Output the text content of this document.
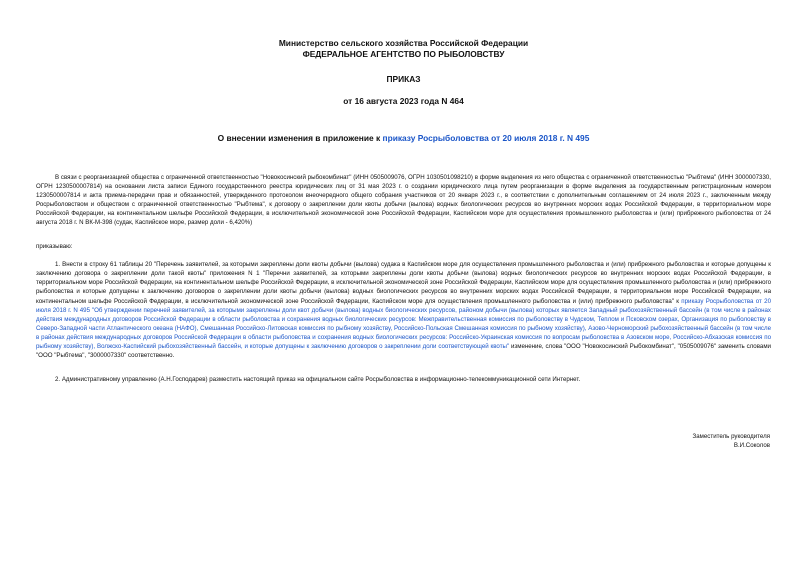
Министерство сельского хозяйства Российской Федерации
ФЕДЕРАЛЬНОЕ АГЕНТСТВО ПО РЫБОЛОВСТВУ
ПРИКАЗ
от 16 августа 2023 года N 464
О внесении изменения в приложение к приказу Росрыболовства от 20 июля 2018 г. N 495

В связи с реорганизацией общества с ограниченной ответственностью "Новокосинский рыбокомбинат" (ИНН 0505009076, ОГРН 1030501098210) в форме выделения из него общества с ограниченной ответственностью "Рыбтема" (ИНН 3000007330, ОГРН 1230500007814) на основании листа записи Единого государственного реестра юридических лиц от 31 мая 2023 г. о создании юридического лица путем реорганизации в форме выделения за государственным регистрационным номером 1230500007814 и акта приема-передачи прав и обязанностей, утвержденного протоколом внеочередного общего собрания участников от 20 января 2023 г., в соответствии с дополнительным соглашением от 24 июля 2023 г., заключенным между Росрыболовством и обществом с ограниченной ответственностью "Рыбтема", к договору о закреплении доли квоты добычи (вылова) водных биологических ресурсов во внутренних морских водах Российской Федерации, в территориальном море Российской Федерации, на континентальном шельфе Российской Федерации, в исключительной экономической зоне Российской Федерации, Каспийском море для осуществления промышленного рыболовства и (или) прибрежного рыболовства от 24 августа 2018 г. N ВК-М-398 (судак, Каспийское море, размер доли - 6,420%)

приказываю:

1. Внести в строку 61 таблицы 20 "Перечень заявителей, за которыми закреплены доли квоты добычи (вылова) судака в Каспийском море для осуществления промышленного рыболовства и (или) прибрежного рыболовства и которые допущены к заключению договора о закреплении доли такой квоты" приложения N 1 "Перечни заявителей, за которыми закреплены доли квоты добычи (вылова) водных биологических ресурсов во внутренних морских водах Российской Федерации, в территориальном море Российской Федерации, на континентальном шельфе Российской Федерации, в исключительной экономической зоне Российской Федерации, Каспийском море для осуществления промышленного рыболовства и (или) прибрежного рыболовства и которые допущены к заключению договоров о закреплении доли квоты добычи (вылова) водных биологических ресурсов во внутренних морских водах Российской Федерации, в территориальном море Российской Федерации, на континентальном шельфе Российской Федерации, в исключительной экономической зоне Российской Федерации, Каспийском море для осуществления промышленного рыболовства и (или) прибрежного рыболовства" к приказу Росрыболовства от 20 июля 2018 г. N 495 "Об утверждении перечней заявителей, за которыми закреплены доли квот добычи (вылова) водных биологических ресурсов, районом добычи (вылова) которых является Западный рыбохозяйственный бассейн (в том числе в районах действия международных договоров Российской Федерации в области рыболовства и сохранения водных биологических ресурсов: Межправительственная комиссия по рыболовству в Чудском, Теплом и Псковском озерах, Организация по рыболовству в Северо-Западной части Атлантического океана (НАФО), Смешанная Российско-Литовская комиссия по рыбному хозяйству, Российско-Польская Смешанная комиссия по рыбному хозяйству), Азово-Черноморский рыбохозяйственный бассейн (в том числе в районах действия международных договоров Российской Федерации в области рыболовства и сохранения водных биологических ресурсов: Российско-Украинская комиссия по вопросам рыболовства в Азовском море, Российско-Абхазская комиссия по рыбному хозяйству), Волжско-Каспийский рыбохозяйственный бассейн, и которые допущены к заключению договоров о закреплении доли соответствующей квоты" изменение, слова "ООО "Новокосинский Рыбокомбинат", "0505009076" заменить словами "ООО "Рыбтема", "3000007330" соответственно.

2. Административному управлению (А.Н.Господарев) разместить настоящий приказ на официальном сайте Росрыболовства в информационно-телекоммуникационной сети Интернет.

Заместитель руководителя
В.И.Соколов
